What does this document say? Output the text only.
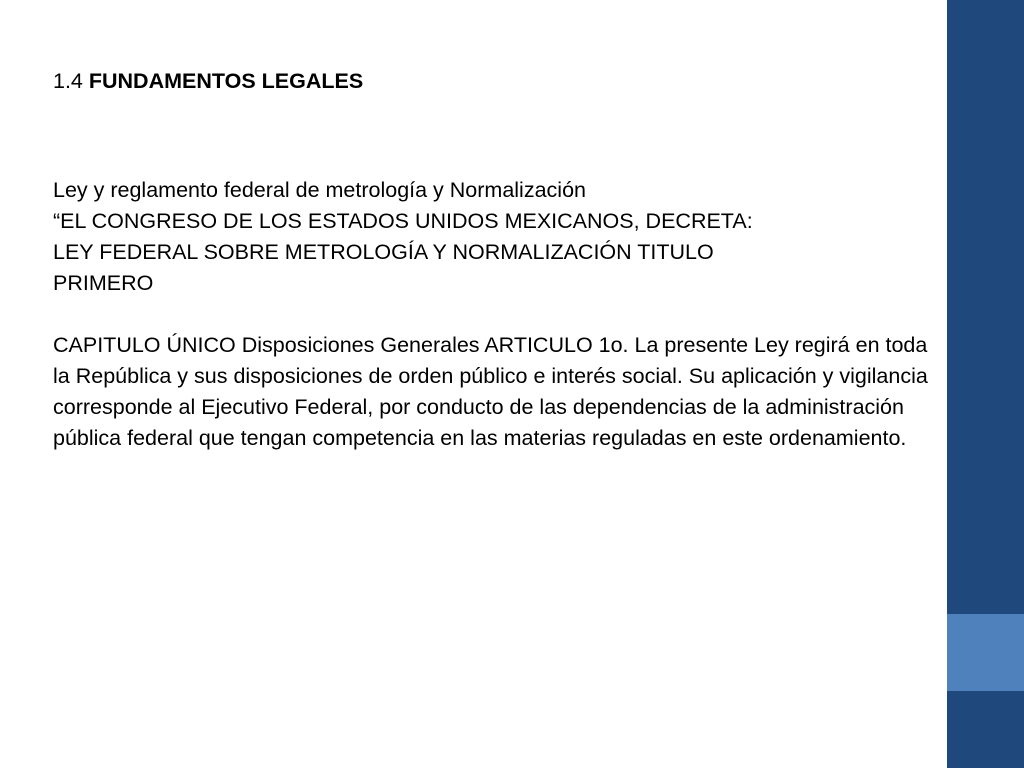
1.4 FUNDAMENTOS LEGALES

Ley y reglamento federal de metrología y Normalización

“EL CONGRESO DE LOS ESTADOS UNIDOS MEXICANOS, DECRETA:

LEY FEDERAL SOBRE METROLOGÍA Y NORMALIZACIÓN TITULO

PRIMERO

CAPITULO ÚNICO Disposiciones Generales ARTICULO 1o. La presente Ley regirá en toda la República y sus disposiciones de orden público e interés social. Su aplicación y vigilancia corresponde al Ejecutivo Federal, por conducto de las dependencias de la administración pública federal que tengan competencia en las materias reguladas en este ordenamiento.
